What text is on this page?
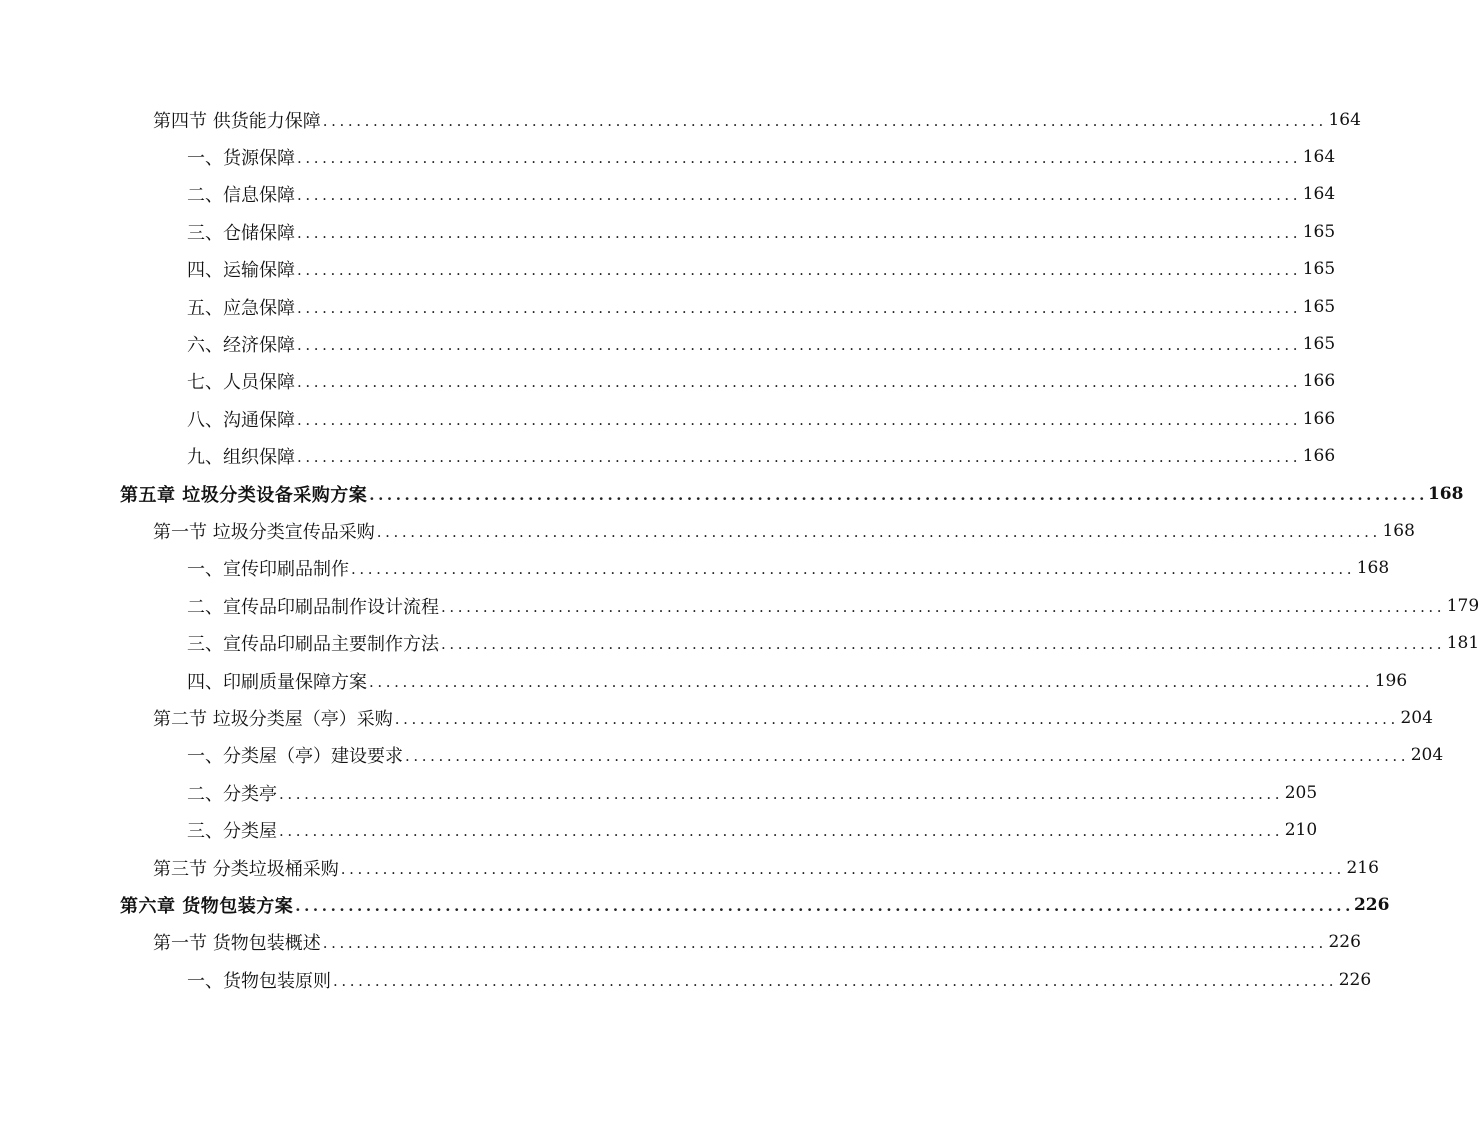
第四节 供货能力保障 ........................................................................................................................ 164
一、货源保障 ........................................................................................................................ 164
二、信息保障 ........................................................................................................................ 164
三、仓储保障 ........................................................................................................................ 165
四、运输保障 ........................................................................................................................ 165
五、应急保障 ........................................................................................................................ 165
六、经济保障 ........................................................................................................................ 165
七、人员保障 ........................................................................................................................ 166
八、沟通保障 ........................................................................................................................ 166
九、组织保障 ........................................................................................................................ 166
第五章 垃圾分类设备采购方案 ........................................................................................................................ 168
第一节 垃圾分类宣传品采购 ........................................................................................................................ 168
一、宣传印刷品制作 ........................................................................................................................ 168
二、宣传品印刷品制作设计流程 ........................................................................................................................ 179
三、宣传品印刷品主要制作方法 ........................................................................................................................ 181
四、印刷质量保障方案 ........................................................................................................................ 196
第二节 垃圾分类屋（亭）采购 ........................................................................................................................ 204
一、分类屋（亭）建设要求 ........................................................................................................................ 204
二、分类亭 ........................................................................................................................ 205
三、分类屋 ........................................................................................................................ 210
第三节 分类垃圾桶采购 ........................................................................................................................ 216
第六章 货物包装方案 ........................................................................................................................ 226
第一节 货物包装概述 ........................................................................................................................ 226
一、货物包装原则 ........................................................................................................................ 226
